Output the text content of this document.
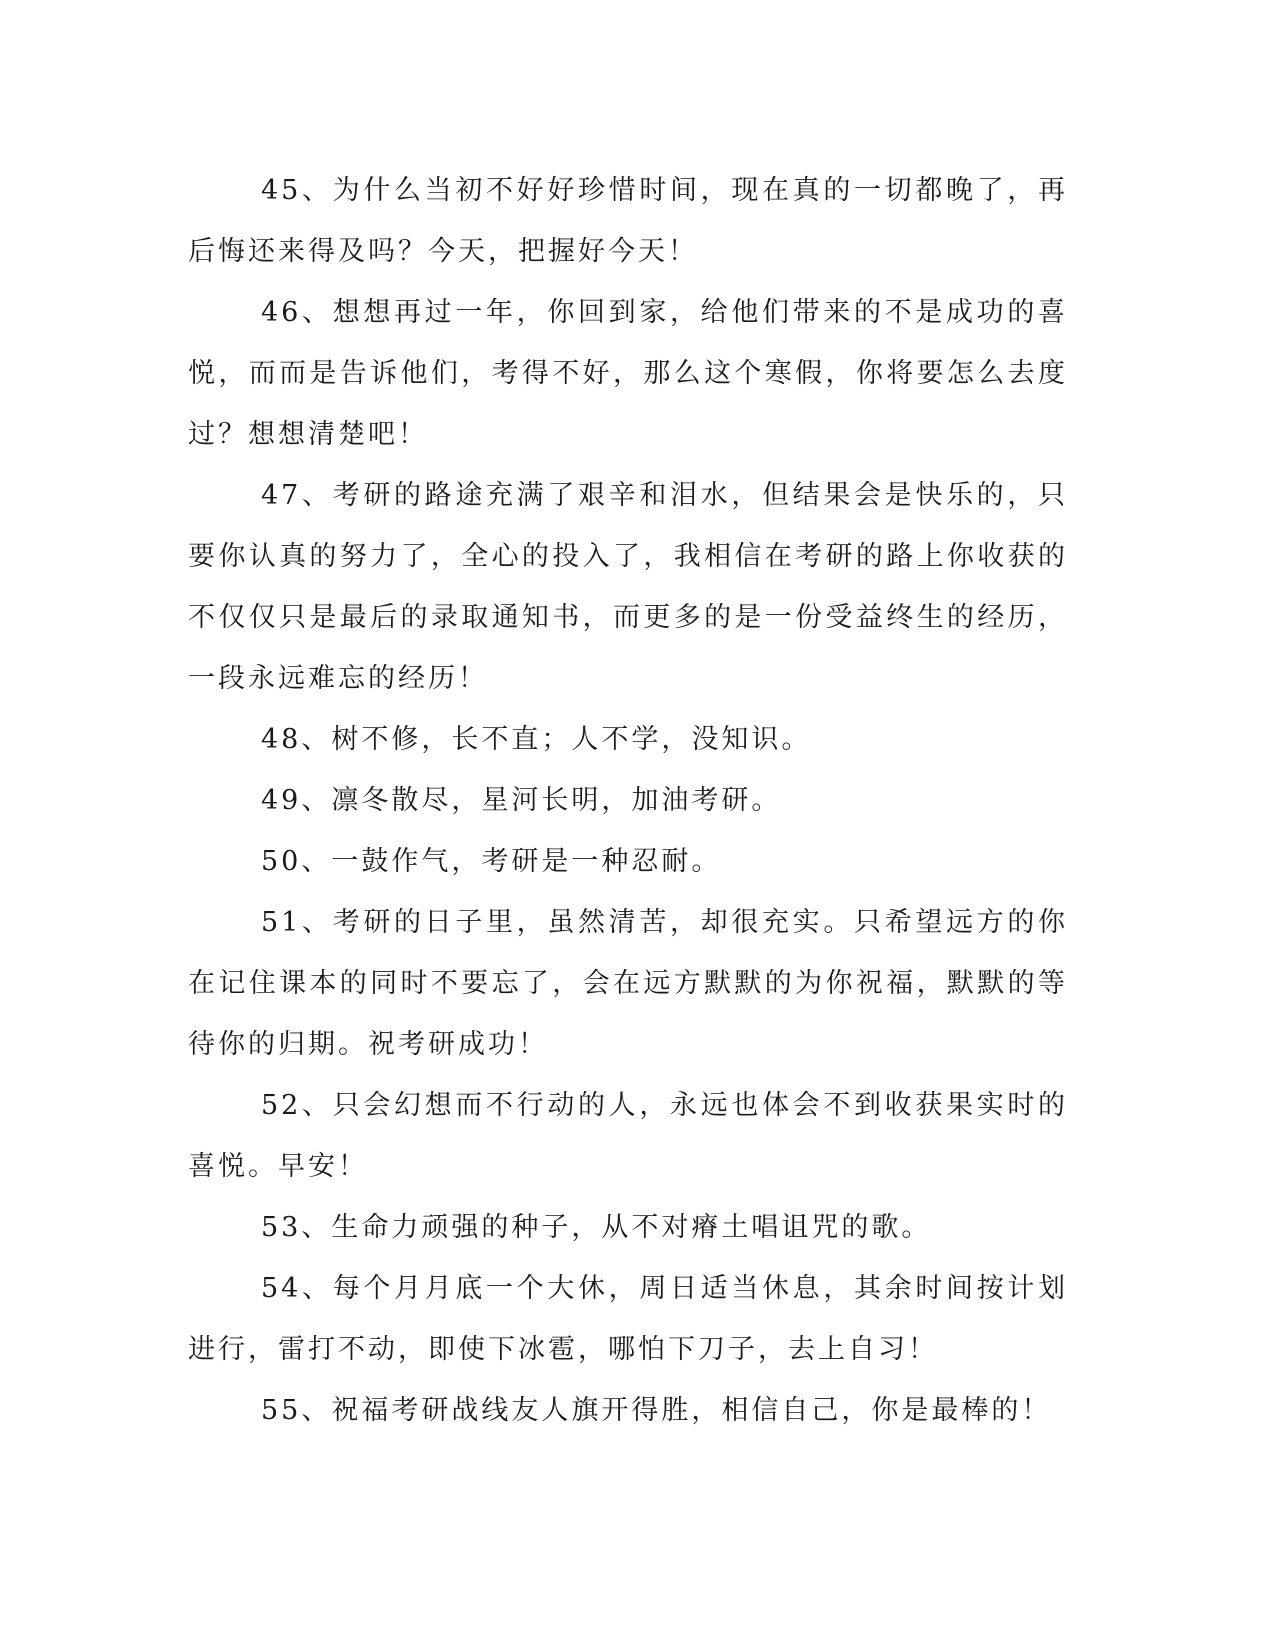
45、为什么当初不好好珍惜时间，现在真的一切都晚了，再后悔还来得及吗？今天，把握好今天！

46、想想再过一年，你回到家，给他们带来的不是成功的喜悦，而而是告诉他们，考得不好，那么这个寒假，你将要怎么去度过？想想清楚吧！

47、考研的路途充满了艰辛和泪水，但结果会是快乐的，只要你认真的努力了，全心的投入了，我相信在考研的路上你收获的不仅仅只是最后的录取通知书，而更多的是一份受益终生的经历，一段永远难忘的经历！

48、树不修，长不直；人不学，没知识。

49、凛冬散尽，星河长明，加油考研。

50、一鼓作气，考研是一种忍耐。

51、考研的日子里，虽然清苦，却很充实。只希望远方的你在记住课本的同时不要忘了，会在远方默默的为你祝福，默默的等待你的归期。祝考研成功！

52、只会幻想而不行动的人，永远也体会不到收获果实时的喜悦。早安！

53、生命力顽强的种子，从不对瘠土唱诅咒的歌。

54、每个月月底一个大休，周日适当休息，其余时间按计划进行，雷打不动，即使下冰雹，哪怕下刀子，去上自习！

55、祝福考研战线友人旗开得胜，相信自己，你是最棒的！
